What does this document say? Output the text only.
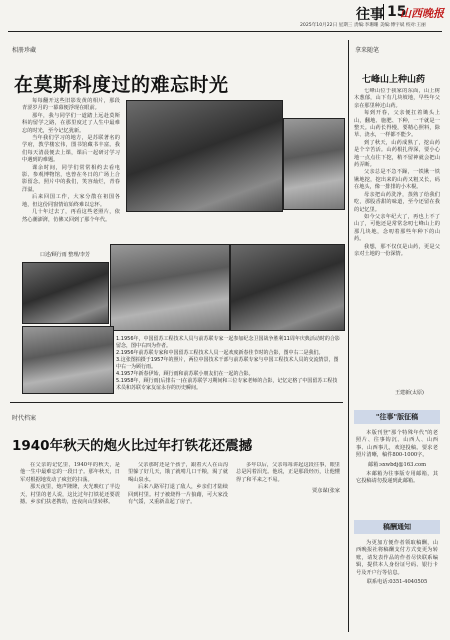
往事 15
山西晚报
2025年10月22日 星期三 责编:李珊珊 美编:傅宇斌 校对:王丽
相册珍藏
在莫斯科度过的难忘时光

每每翻开这些旧影发黄的相片，那段青涩岁月的一幕幕便浮现在眼前。

那年，我与同学们一道踏上远赴莫斯科的留学之路，在那里度过了人生中最难忘的时光，至今记忆犹新。

当年我们学习的地方，是苏联著名的学府，教学楼宏伟，图书馆藏书丰富。我们每天清晨便去上课，课后一起研讨学习中遇到的难题。

课余时间，同学们常常相约去看电影、参观博物馆，也曾在冬日的广场上合影留念。照片中的我们，笑容灿烂，青春洋溢。

后来回国工作，大家分散在祖国各地，但这份同窗情谊始终难以忘怀。

几十年过去了，再看这些老照片，依然心潮澎湃，仿佛又回到了那个年代。

口述/顾行雨 整理/李芳
1.1956年，中国留苏工程技术人员与前苏联专家一起参加纪念卫国战争胜利11周年庆典活动时的合影留念，图中右四为作者。
2.1956年前苏联专家和中国留苏工程技术人员一起欢度新春佳节时的合影，图中右二是我们。
3.这张图拍摄于1957年的照片，两位中国技术干部与前苏联专家与中国工程技术人员的交流情景，图中右一为顾行雨。
4.1957年新春伊始，顾行雨和前苏联小朋友们在一起的合影。
5.1958年，顾行雨(后排右一)在前苏联学习期间和三位专家老师的合影，记忆定格了中国留苏工程技术员和苏联专家友谊永存的历史瞬间。
时代档案
1940年秋天的炮火比过年打铁花还震撼

在父亲的记忆里，1940年的秋天，是他一生中最难忘的一段日子。那年秋天，日军对根据地发动了疯狂的扫荡。

那天夜里，炮声隆隆，火光映红了半边天，村里的老人说，这比过年打铁花还要震撼。乡亲们扶老携幼，连夜向山里转移。

父亲那时还是个孩子，跟着大人在山沟里躲了好几天，饿了就啃几口干粮，渴了就喝山泉水。

后来八路军打退了敌人，乡亲们才陆续回到村里。村子被烧得一片狼藉，可大家没有气馁，又重新盖起了房子。

多年以后，父亲每每讲起这段往事，眼里总是闪着泪光。他说，正是那段经历，让他懂得了和平来之不易。

贾彦谋(张家
拿来随笔
七峰山上种山药

七峰山位于我家的东面，山上树木葱郁，山下有几块坡地，早些年父亲在那里种过山药。

每到开春，父亲便扛着锄头上山，翻地、施肥、下种，一干就是一整天。山药长得慢，要精心照料，除草、浇水，一样都不能少。

到了秋天，山药成熟了，挖山药是个辛苦活。山药根扎得深，要小心地一点点往下挖，稍不留神就会把山药弄断。

父亲总是不急不躁，一铁锹一铁锹地挖，挖出来的山药又粗又长，码在地头，像一排排的小木棍。

母亲把山药洗净，蒸熟了给我们吃，那股香甜的味道，至今还留在我的记忆里。

如今父亲年纪大了，再也上不了山了，可他还是常常念叨七峰山上的那几块地，念叨着那些年种下的山药。

我想，那不仅仅是山药，更是父亲对土地的一份深情。

王建新(太原)
"往事"版征稿

本版刊登"那个特殊年代"的老照片、往事钩沉、山西人、山西事、山西事儿，欢迎投稿。要求老照片清晰，稿件800-1000字。

邮箱:sxwbdj@163.com

本邮箱为往事版专用邮箱，其它投稿请勿投递到此邮箱。

稿酬通知

为更加方便作者领取稿酬，山西晚报社将稿酬支付方式变更为转账，请发表作品的作者尽快联系编辑，提供本人身份证号码、银行卡号及开户行等信息。

联系电话:0351-4040505
